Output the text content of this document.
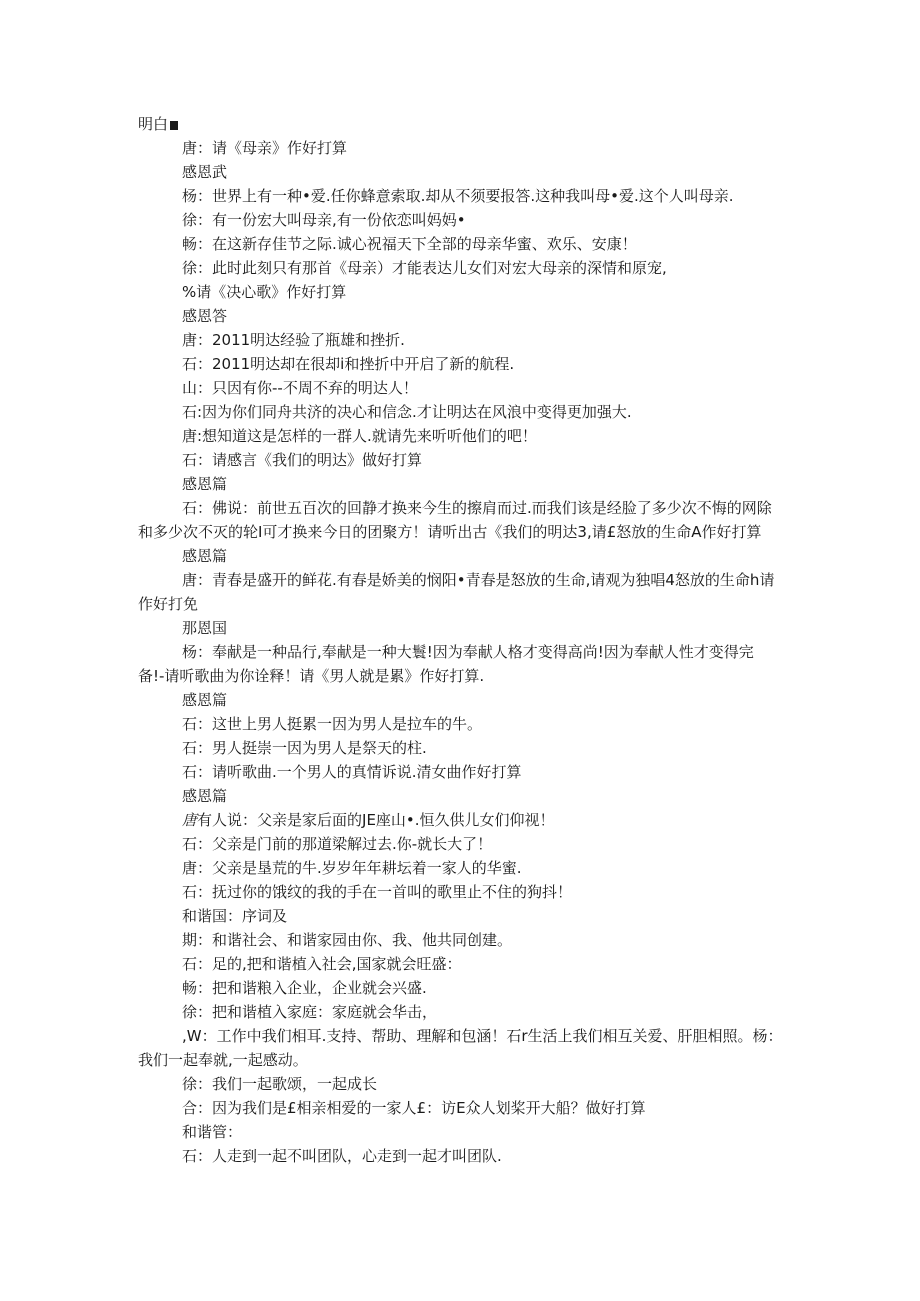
明白
唐：请《母亲》作好打算
感恩武
杨：世界上有一种•爱.任你蜂意索取.却从不须要报答.这种我叫母•爱.这个人叫母亲.
徐：有一份宏大叫母亲,有一份依恋叫妈妈•
畅：在这新存佳节之际.诚心祝福天下全部的母亲华蜜、欢乐、安康！
徐：此时此刻只有那首《母亲）才能表达儿女们对宏大母亲的深情和原宠,
%请《决心歌》作好打算
感恩答
唐：2011明达经验了瓶雄和挫折.
石：2011明达却在很却i和挫折中开启了新的航程.
山：只因有你--不周不弃的明达人！
石:因为你们同舟共济的决心和信念.才让明达在风浪中变得更加强大.
唐:想知道这是怎样的一群人.就请先来听听他们的吧！
石：请感言《我们的明达》做好打算
感恩篇
石：佛说：前世五百次的回静才换来今生的擦肩而过.而我们该是经脸了多少次不悔的网除
和多少次不灭的轮I可才换来今日的团聚方！请听出古《我们的明达3,请£怒放的生命A作好打算
感恩篇
唐：青春是盛开的鲜花.有春是娇美的悯阳•青春是怒放的生命,请观为独唱4怒放的生命h请
作好打免
那恩国
杨：奉献是一种品行,奉献是一种大鬟!因为奉献人格才变得高尚!因为奉献人性才变得完
备!-请听歌曲为你诠释！请《男人就是累》作好打算.
感恩篇
石：这世上男人挺累一因为男人是拉车的牛。
石：男人挺崇一因为男人是祭天的柱.
石：请听歌曲.一个男人的真情诉说.清女曲作好打算
感恩篇
唐有人说：父亲是家后面的JE座山•.恒久供儿女们仰视！
石：父亲是门前的那道梁解过去.你-就长大了！
唐：父亲是垦荒的牛.岁岁年年耕坛着一家人的华蜜.
石：抚过你的饿纹的我的手在一首叫的歌里止不住的狗抖！
和谐国：序词及
期：和谐社会、和谐家园由你、我、他共同创建。
石：足的,把和谐植入社会,国家就会旺盛：
畅：把和谐粮入企业，企业就会兴盛.
徐：把和谐植入家庭：家庭就会华击，
,W：工作中我们相耳.支持、帮助、理解和包涵！石r生活上我们相互关爱、肝胆相照。杨：
我们一起奉就,一起感动。
徐：我们一起歌颂，一起成长
合：因为我们是£相亲相爱的一家人£：访E众人划桨开大船？做好打算
和谐管：
石：人走到一起不叫团队，心走到一起才叫团队.
